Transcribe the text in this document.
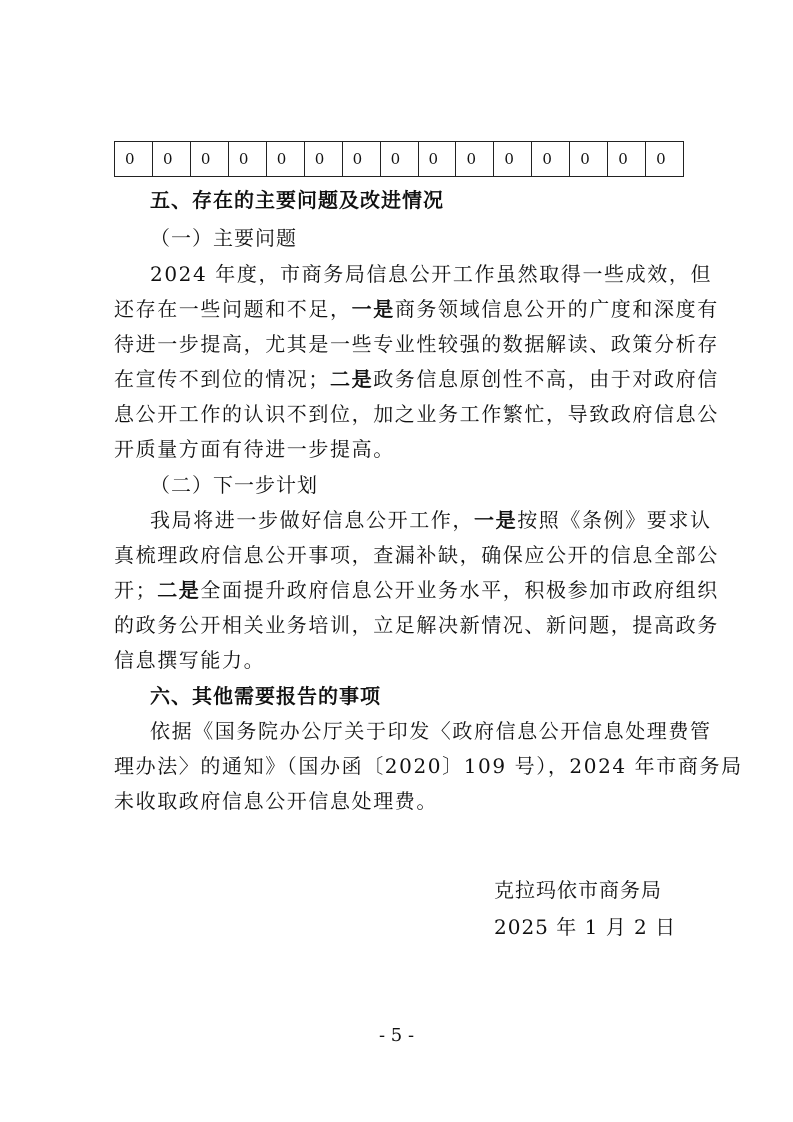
0	0	0	0	0	0	0	0	0	0	0	0	0	0	0
五、存在的主要问题及改进情况
（一）主要问题
2024 年度，市商务局信息公开工作虽然取得一些成效，但
还存在一些问题和不足，一是商务领域信息公开的广度和深度有
待进一步提高，尤其是一些专业性较强的数据解读、政策分析存
在宣传不到位的情况；二是政务信息原创性不高，由于对政府信
息公开工作的认识不到位，加之业务工作繁忙，导致政府信息公
开质量方面有待进一步提高。
（二）下一步计划
我局将进一步做好信息公开工作，一是按照《条例》要求认
真梳理政府信息公开事项，查漏补缺，确保应公开的信息全部公
开；二是全面提升政府信息公开业务水平，积极参加市政府组织
的政务公开相关业务培训，立足解决新情况、新问题，提高政务
信息撰写能力。
六、其他需要报告的事项
依据《国务院办公厅关于印发〈政府信息公开信息处理费管
理办法〉的通知》（国办函〔2020〕109 号），2024 年市商务局
未收取政府信息公开信息处理费。
克拉玛依市商务局
2025 年 1 月 2 日
- 5 -
